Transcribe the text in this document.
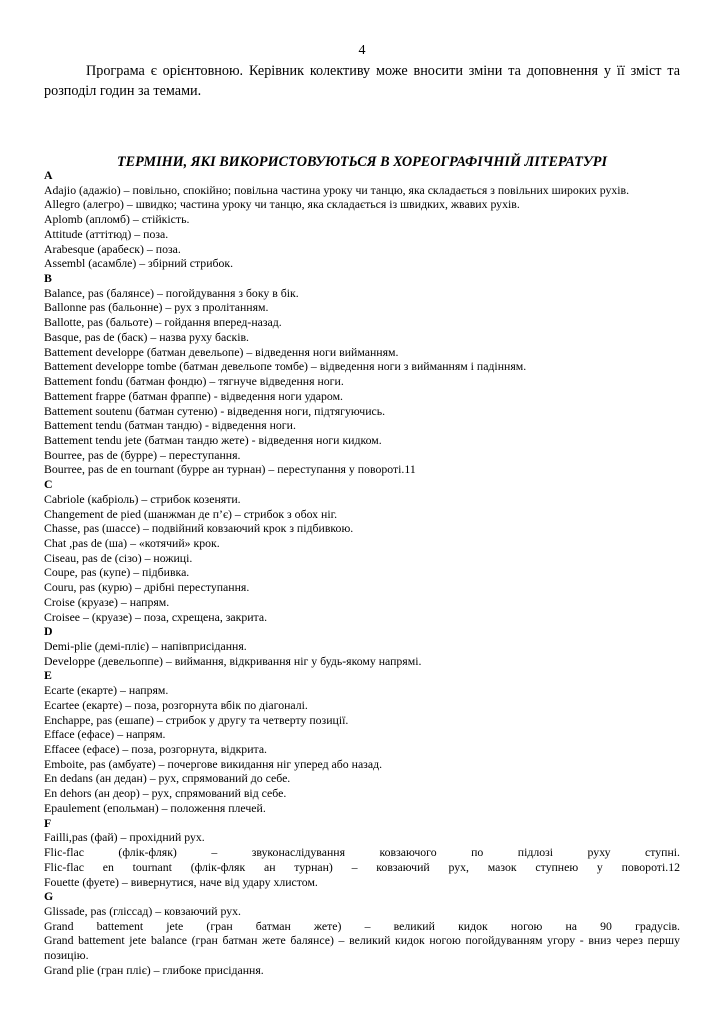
4

Програма є орієнтовною. Керівник колективу може вносити зміни та доповнення у її зміст та розподіл годин за темами.

ТЕРМІНИ, ЯКІ ВИКОРИСТОВУЮТЬСЯ В ХОРЕОГРАФІЧНІЙ ЛІТЕРАТУРІ
А
Adajio (адажіо) – повільно, спокійно; повільна частина уроку чи танцю, яка складається з повільних широких рухів.
Allegro (алегро) – швидко; частина уроку чи танцю, яка складається із швидких, жвавих рухів.
Aplomb (апломб) – стійкість.
Attitude (аттітюд) – поза.
Arabesque (арабеск) – поза.
Assembl (асамбле) – збірний стрибок.
В
Balance, pas (балянсе) – погойдування з боку в бік.
Ballonne pas (бальонне) – рух з пролітанням.
Ballotte, pas (бальоте) – гойдання вперед-назад.
Basque, pas de (баск) – назва руху басків.
Battement developpe (батман девельопе) – відведення ноги вийманням.
Battement developpe tombe (батман девельопе томбе) – відведення ноги з вийманням і падінням.
Battement fondu (батман фондю) – тягнуче відведення ноги.
Battement frappe (батман фраппе) - відведення ноги ударом.
Battement soutenu (батман сутеню) - відведення ноги, підтягуючись.
Battement tendu (батман тандю) - відведення ноги.
Battement tendu jete (батман тандю жете) - відведення ноги кидком.
Bourree, pas de (бурре) – переступання.
Bourree, pas de en tournant (бурре ан турнан) – переступання у повороті.11
С
Cabriole (кабріоль) – стрибок козеняти.
Changement de pied (шанжман де п’є) – стрибок з обох ніг.
Chasse, pas (шассе) – подвійний ковзаючий крок з підбивкою.
Chat ,pas de (ша) – «котячий» крок.
Ciseau, pas de (сізо) – ножиці.
Coupe, pas (купе) – підбивка.
Couru, pas (курю) – дрібні переступання.
Croise (круазе) – напрям.
Croisee – (круазе) – поза, схрещена, закрита.
D
Demi-plie (демі-пліє) – напівприсідання.
Developpe (девельоппе) – виймання, відкривання ніг у будь-якому напрямі.
Е
Ecarte (екарте) – напрям.
Ecartee (екарте) – поза, розгорнута вбік по діагоналі.
Enchappe, pas (ешапе) – стрибок у другу та четверту позиції.
Efface (ефасе) – напрям.
Effacee (ефасе) – поза, розгорнута, відкрита.
Emboite, pas (амбуате) – почергове викидання ніг уперед або назад.
En dedans (ан дедан) – рух, спрямований до себе.
En dehors (ан деор) – рух, спрямований від себе.
Epaulement (епольман) – положення плечей.
F
Failli,pas (фай) – прохідний рух.
Flic-flac (флік-фляк) – звуконаслідування ковзаючого по підлозі руху ступні.
Flic-flac en tournant (флік-фляк ан турнан) – ковзаючий рух, мазок ступнею у повороті.12
Fouette (фуете) – вивернутися, наче від удару хлистом.
G
Glissade, pas (гліссад) – ковзаючий рух.
Grand battement jete (гран батман жете) – великий кидок ногою на 90 градусів.
Grand battement jete balance (гран батман жете балянсе) – великий кидок ногою погойдуванням угору - вниз через першу позицію.
Grand plie (гран пліє) – глибоке присідання.
